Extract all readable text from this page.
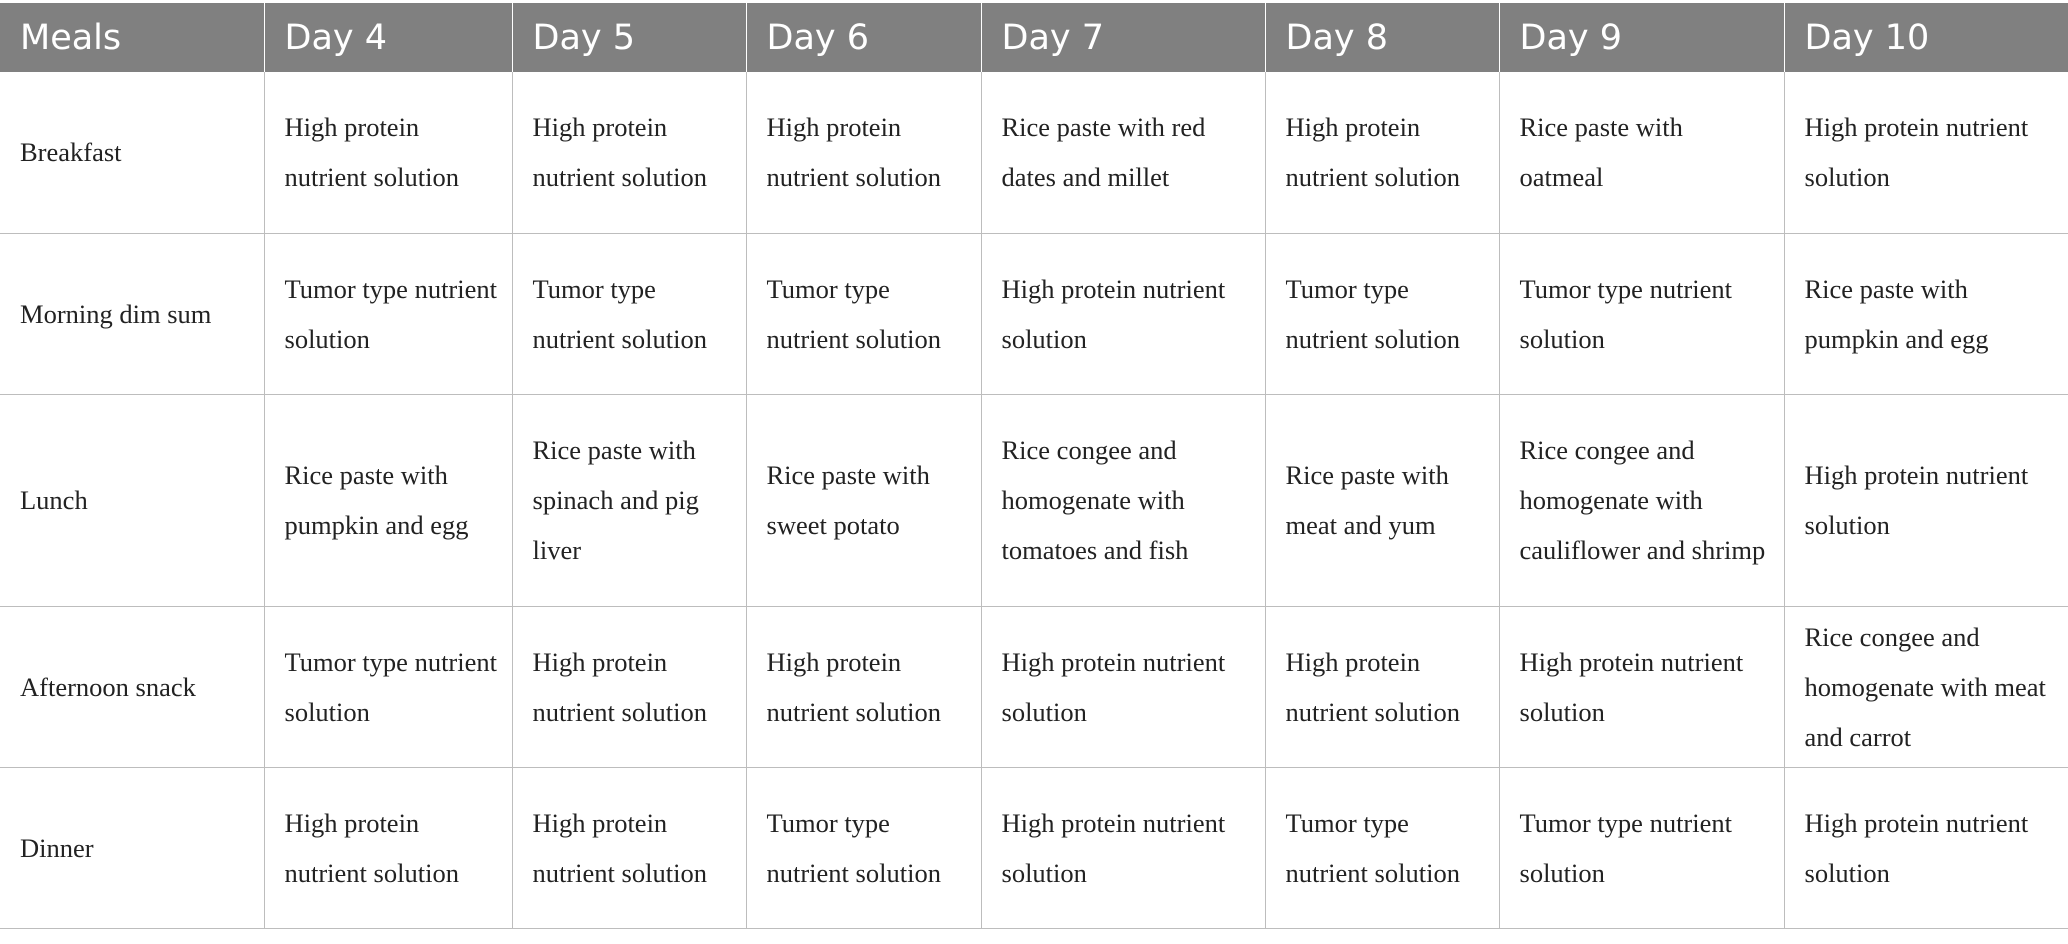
Meals	Day 4	Day 5	Day 6	Day 7	Day 8	Day 9	Day 10
Breakfast	High protein nutrient solution	High protein nutrient solution	High protein nutrient solution	Rice paste with red dates and millet	High protein nutrient solution	Rice paste with oatmeal	High protein nutrient solution
Morning dim sum	Tumor type nutrient solution	Tumor type nutrient solution	Tumor type nutrient solution	High protein nutrient solution	Tumor type nutrient solution	Tumor type nutrient solution	Rice paste with pumpkin and egg
Lunch	Rice paste with pumpkin and egg	Rice paste with spinach and pig liver	Rice paste with sweet potato	Rice congee and homogenate with tomatoes and fish	Rice paste with meat and yum	Rice congee and homogenate with cauliflower and shrimp	High protein nutrient solution
Afternoon snack	Tumor type nutrient solution	High protein nutrient solution	High protein nutrient solution	High protein nutrient solution	High protein nutrient solution	High protein nutrient solution	Rice congee and homogenate with meat and carrot
Dinner	High protein nutrient solution	High protein nutrient solution	Tumor type nutrient solution	High protein nutrient solution	Tumor type nutrient solution	Tumor type nutrient solution	High protein nutrient solution
